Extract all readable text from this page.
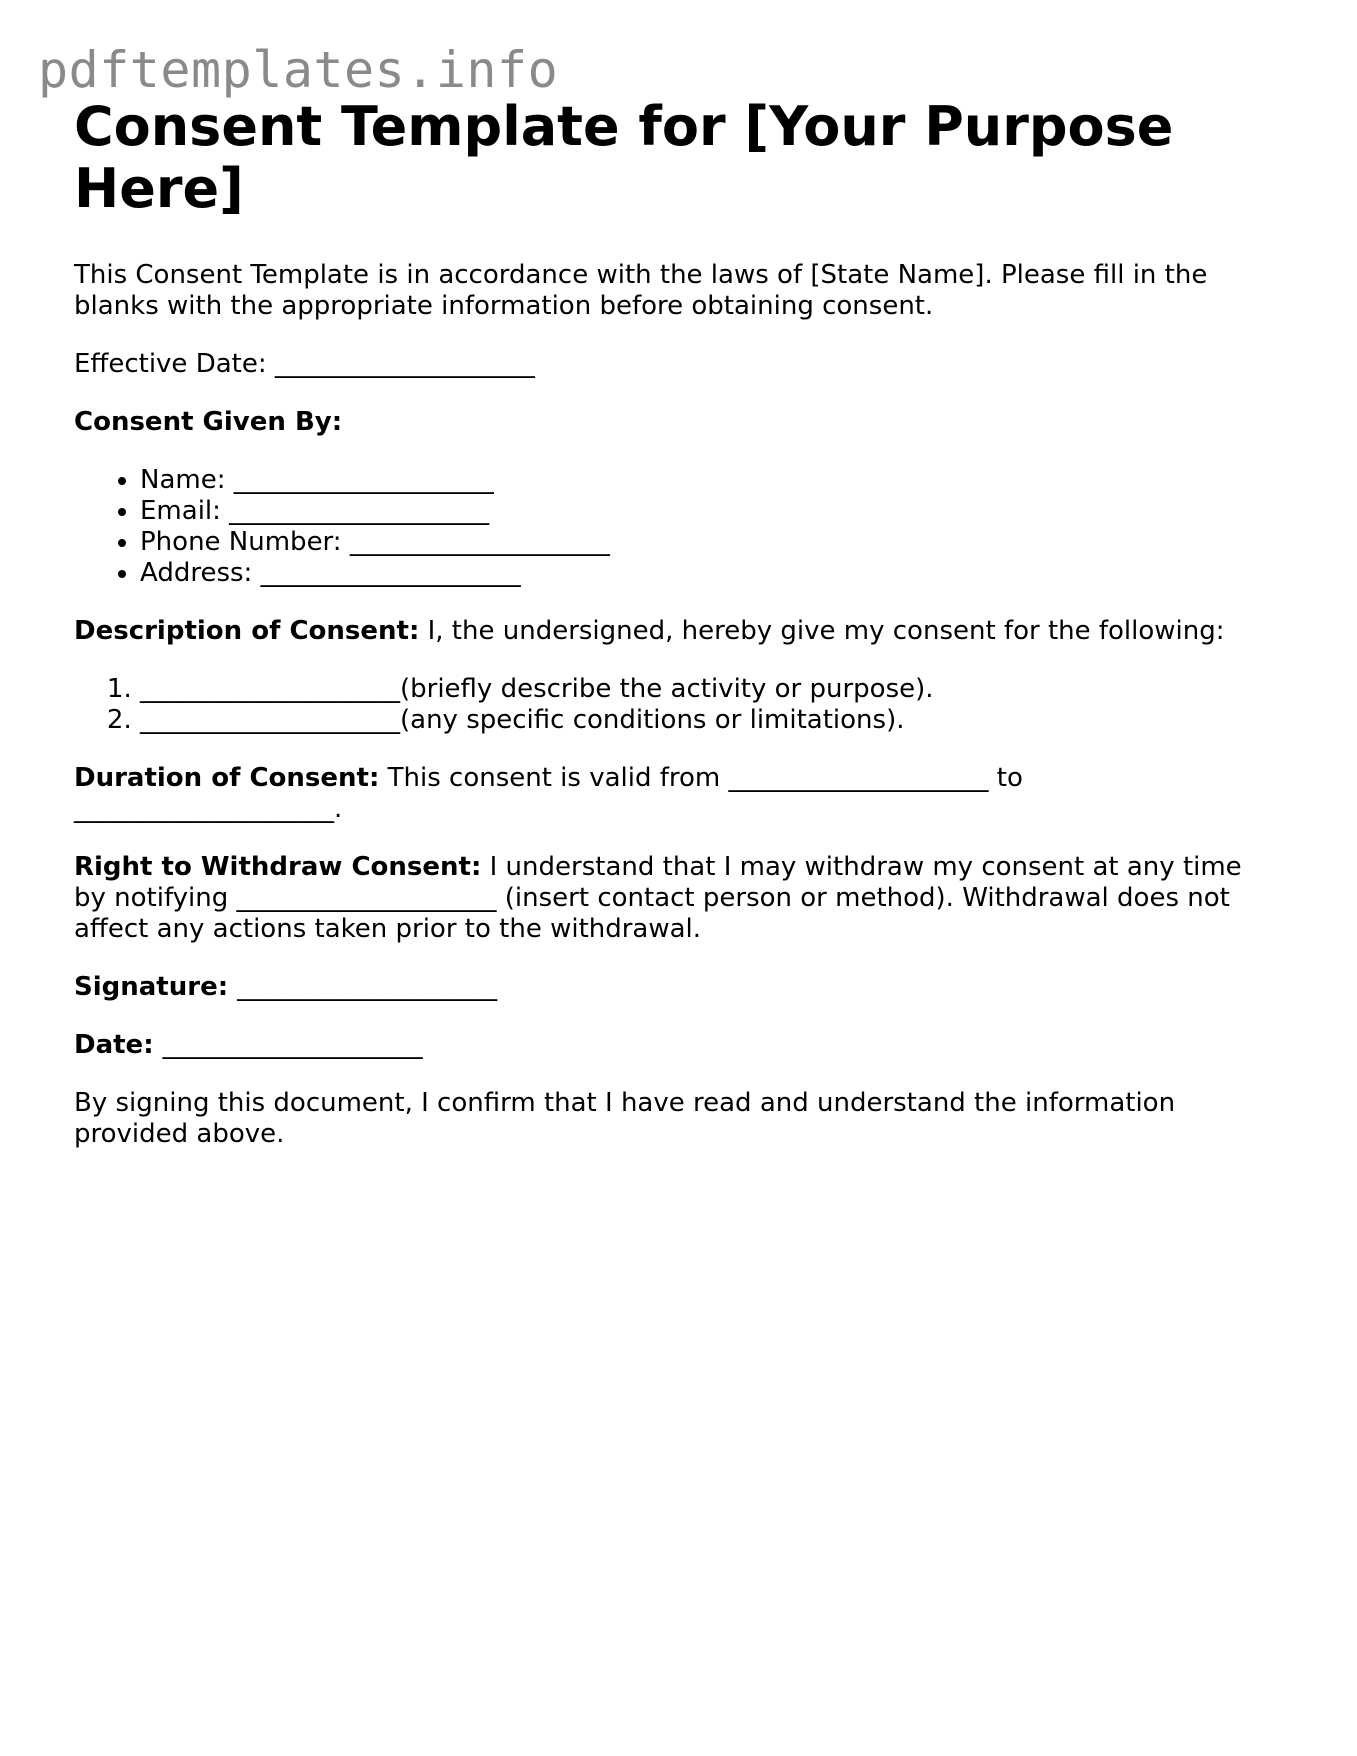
pdftemplates.info
Consent Template for [Your Purpose Here]

This Consent Template is in accordance with the laws of [State Name]. Please fill in the blanks with the appropriate information before obtaining consent.

Effective Date: ____________________

Consent Given By:

• Name: ____________________
• Email: ____________________
• Phone Number: ____________________
• Address: ____________________

Description of Consent: I, the undersigned, hereby give my consent for the following:

1. ____________________(briefly describe the activity or purpose).
2. ____________________(any specific conditions or limitations).

Duration of Consent: This consent is valid from ____________________ to ____________________.

Right to Withdraw Consent: I understand that I may withdraw my consent at any time by notifying ____________________ (insert contact person or method). Withdrawal does not affect any actions taken prior to the withdrawal.

Signature: ____________________

Date: ____________________

By signing this document, I confirm that I have read and understand the information provided above.
